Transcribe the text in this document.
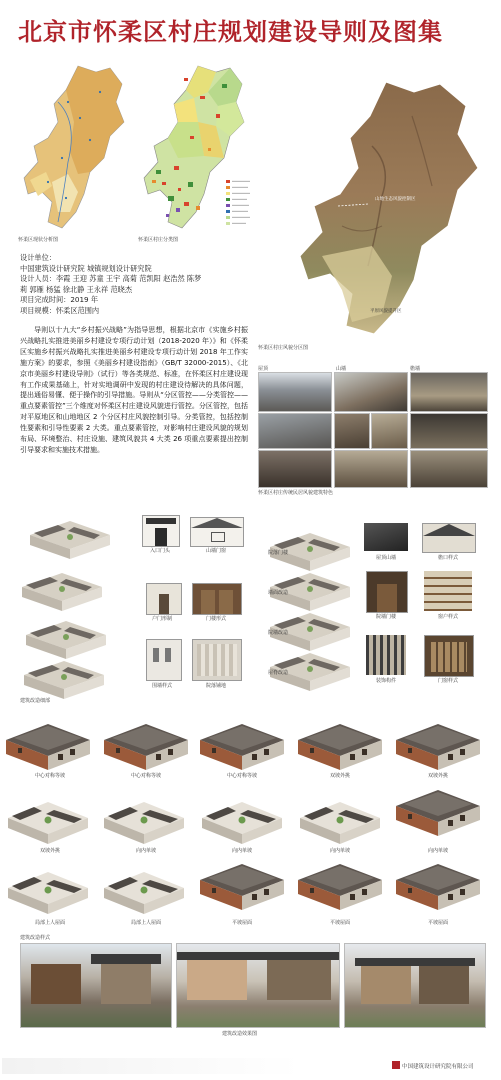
北京市怀柔区村庄规划建设导则及图集
怀柔区现状分析图	怀柔区村庄分类图
山地生态风貌控制区
平原风貌提升区
怀柔区村庄风貌分区图
设计单位：
中国建筑设计研究院 城镇规划设计研究院
设计人员：李霞 王迎 苏童 王宇 高菊 范凯阳 赵浩然 陈梦
莉 郭雁 杨猛 徐北静 王永祥 范晓杰
项目完成时间：2019 年
项目规模：怀柔区范围内

导则以十九大“乡村振兴战略”为指导思想，根据北京市《实施乡村振兴战略扎实推进美丽乡村建设专项行动计划（2018-2020 年）》和《怀柔区实施乡村振兴战略扎实推进美丽乡村建设专项行动计划 2018 年工作实施方案》的要求，参照《美丽乡村建设指南》（GB/T 32000-2015）、《北京市美丽乡村建设导则》（试行）等各类规范、标准，在怀柔区村庄建设现有工作成果基础上，针对实地调研中发现的村庄建设待解决的具体问题，提出通俗易懂、便于操作的引导措施。导则从“分区管控——分类管控——重点要素管控”三个维度对怀柔区村庄建设风貌进行管控。分区管控，包括对平原地区和山地地区 2 个分区村庄风貌控制引导。分类管控，包括控制性要素和引导性要素 2 大类。重点要素管控，对影响村庄建设风貌的规划布局、环境整治、村庄设施、建筑风貌共 4 大类 26 项重点要素提出控制引导要求和实施技术措施。

屋顶	山墙	檐墙
怀柔区村庄传统民居风貌建筑特色
入口门头	山墙门窗
户门形制	门楼形式
围墙样式	院落铺地
院落门楼
墙面改造
院墙改造
屋脊改造
屋顶山墙	檐口样式
院墙门楼	窗户样式
装饰构件	门窗样式
建筑改造细部
中心对称等坡	中心对称等坡	中心对称等坡	双坡外挑	双坡外挑
双坡外挑	向内单坡	向内单坡	向内单坡	向内单坡
局部上人屋面	局部上人屋面	平坡屋面	平坡屋面	平坡屋面
建筑改造样式
建筑改造效果图
中国建筑设计研究院有限公司
